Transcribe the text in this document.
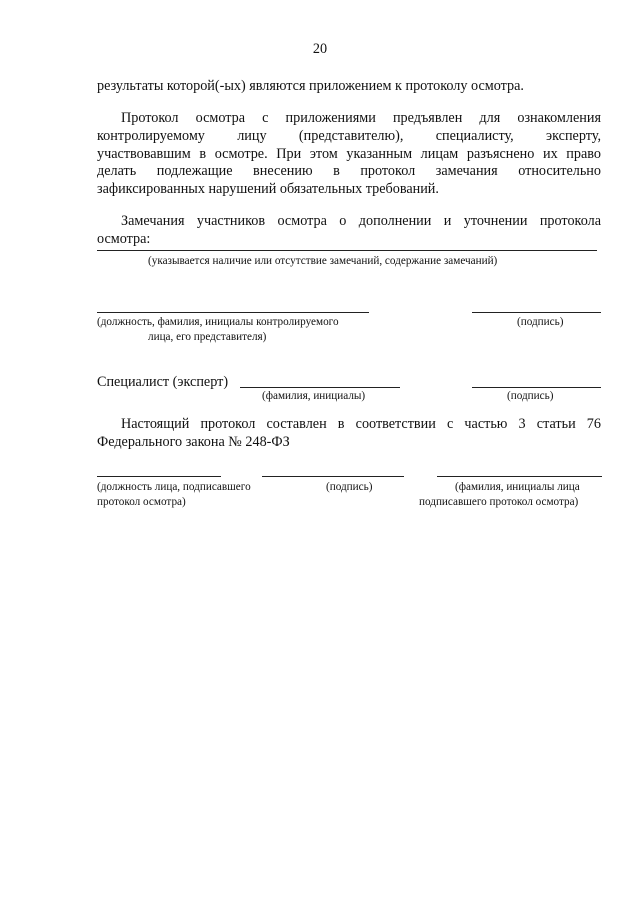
20

результаты которой(-ых) являются приложением к протоколу осмотра.

Протокол осмотра с приложениями предъявлен для ознакомления

контролируемому лицу (представителю), специалисту, эксперту,

участвовавшим в осмотре. При этом указанным лицам разъяснено их право

делать подлежащие внесению в протокол замечания относительно

зафиксированных нарушений обязательных требований.

Замечания участников осмотра о дополнении и уточнении протокола

осмотра:

(указывается наличие или отсутствие замечаний, содержание замечаний)

(должность, фамилия, инициалы контролируемого

лица, его представителя)

(подпись)

Специалист (эксперт)

(фамилия, инициалы)	(подпись)

Настоящий протокол составлен в соответствии с частью 3 статьи 76

Федерального закона № 248-ФЗ

(должность лица, подписавшего

протокол осмотра)

(подпись)	(фамилия, инициалы лица

подписавшего протокол осмотра)
